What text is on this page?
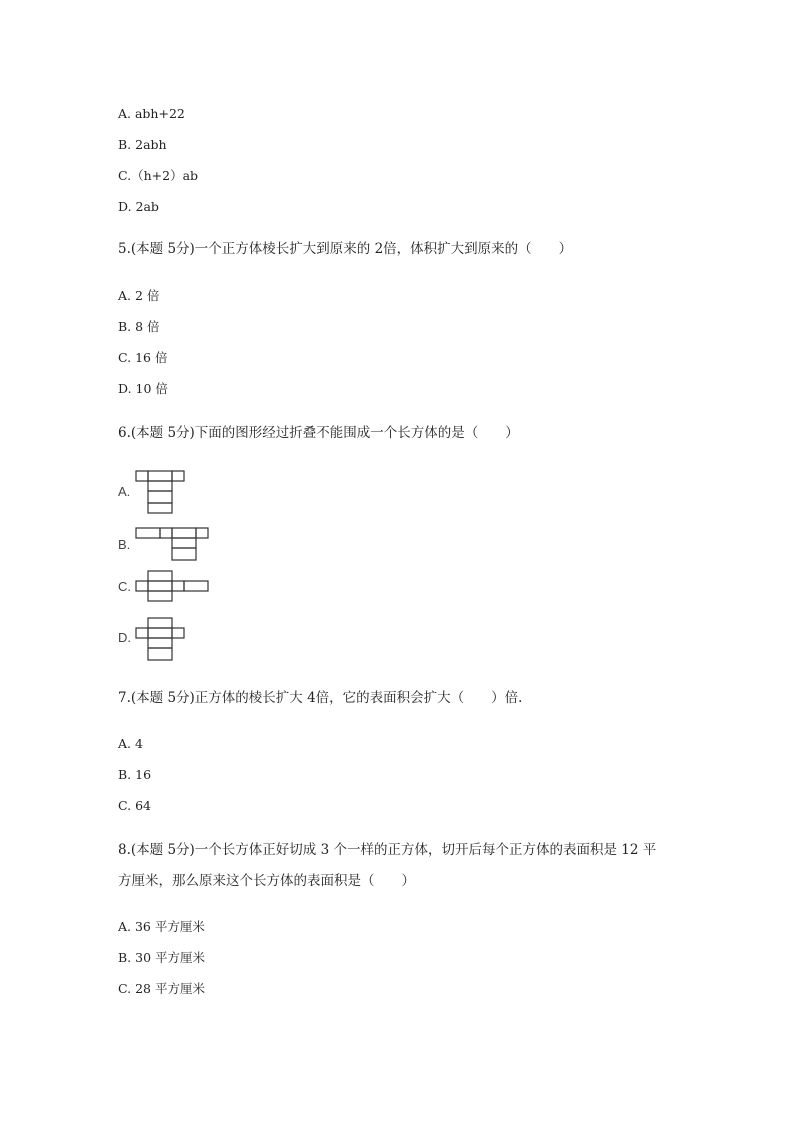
A. abh+22
B. 2abh
C.（h+2）ab
D. 2ab
5.(本题 5分)一个正方体棱长扩大到原来的 2倍，体积扩大到原来的（　　）
A. 2 倍
B. 8 倍
C. 16 倍
D. 10 倍
6.(本题 5分)下面的图形经过折叠不能围成一个长方体的是（　　）
A.
B.
C.
D.
7.(本题 5分)正方体的棱长扩大 4倍，它的表面积会扩大（　　）倍.
A. 4
B. 16
C. 64
8.(本题 5分)一个长方体正好切成 3 个一样的正方体，切开后每个正方体的表面积是 12 平
方厘米，那么原来这个长方体的表面积是（　　）
A. 36 平方厘米
B. 30 平方厘米
C. 28 平方厘米
